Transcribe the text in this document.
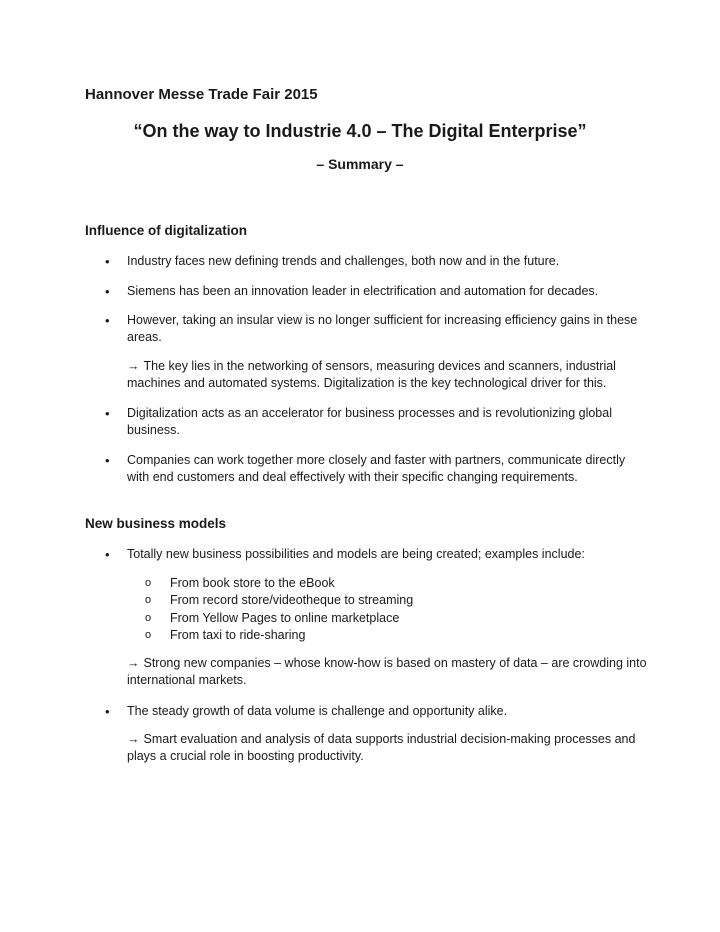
Hannover Messe Trade Fair 2015

“On the way to Industrie 4.0 – The Digital Enterprise”

– Summary –

Influence of digitalization

•	Industry faces new defining trends and challenges, both now and in the future.
•	Siemens has been an innovation leader in electrification and automation for decades.
•	However, taking an insular view is no longer sufficient for increasing efficiency gains in these areas.
→ The key lies in the networking of sensors, measuring devices and scanners, industrial machines and automated systems. Digitalization is the key technological driver for this.
•	Digitalization acts as an accelerator for business processes and is revolutionizing global business.
•	Companies can work together more closely and faster with partners, communicate directly with end customers and deal effectively with their specific changing requirements.

New business models

•	Totally new business possibilities and models are being created; examples include:
o	From book store to the eBook
o	From record store/videotheque to streaming
o	From Yellow Pages to online marketplace
o	From taxi to ride-sharing
→ Strong new companies – whose know-how is based on mastery of data – are crowding into international markets.
•	The steady growth of data volume is challenge and opportunity alike.
→ Smart evaluation and analysis of data supports industrial decision-making processes and plays a crucial role in boosting productivity.
